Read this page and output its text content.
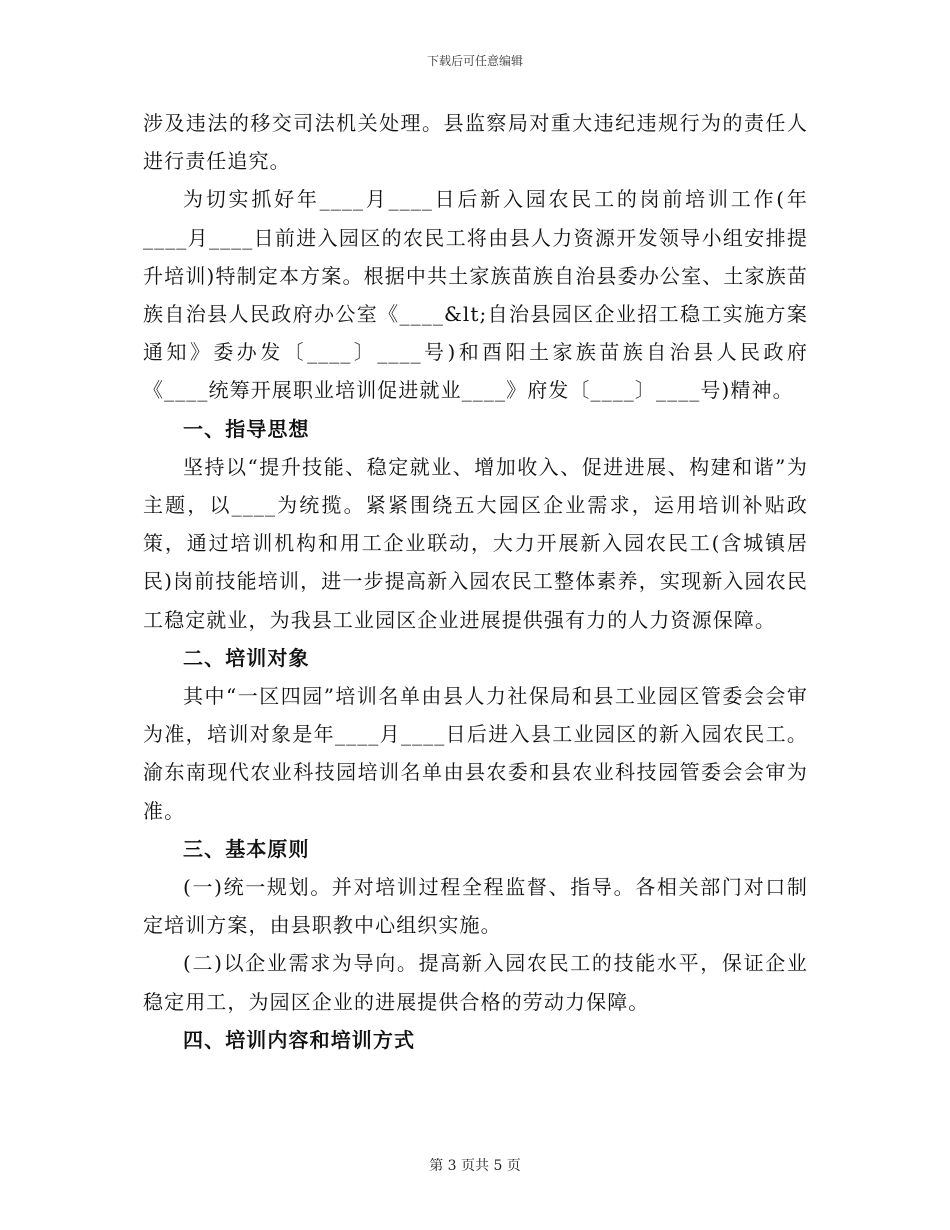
下载后可任意编辑

涉及违法的移交司法机关处理。县监察局对重大违纪违规行为的责任人进行责任追究。

为切实抓好年____月____日后新入园农民工的岗前培训工作(年____月____日前进入园区的农民工将由县人力资源开发领导小组安排提升培训)特制定本方案。根据中共土家族苗族自治县委办公室、土家族苗族自治县人民政府办公室《____&lt;自治县园区企业招工稳工实施方案通知》委办发〔____〕____号)和酉阳土家族苗族自治县人民政府《____统筹开展职业培训促进就业____》府发〔____〕____号)精神。

一、指导思想

坚持以“提升技能、稳定就业、增加收入、促进进展、构建和谐”为主题，以____为统揽。紧紧围绕五大园区企业需求，运用培训补贴政策，通过培训机构和用工企业联动，大力开展新入园农民工(含城镇居民)岗前技能培训，进一步提高新入园农民工整体素养，实现新入园农民工稳定就业，为我县工业园区企业进展提供强有力的人力资源保障。

二、培训对象

其中“一区四园”培训名单由县人力社保局和县工业园区管委会会审为准，培训对象是年____月____日后进入县工业园区的新入园农民工。渝东南现代农业科技园培训名单由县农委和县农业科技园管委会会审为准。

三、基本原则

(一)统一规划。并对培训过程全程监督、指导。各相关部门对口制定培训方案，由县职教中心组织实施。

(二)以企业需求为导向。提高新入园农民工的技能水平，保证企业稳定用工，为园区企业的进展提供合格的劳动力保障。

四、培训内容和培训方式

第 3 页共 5 页
